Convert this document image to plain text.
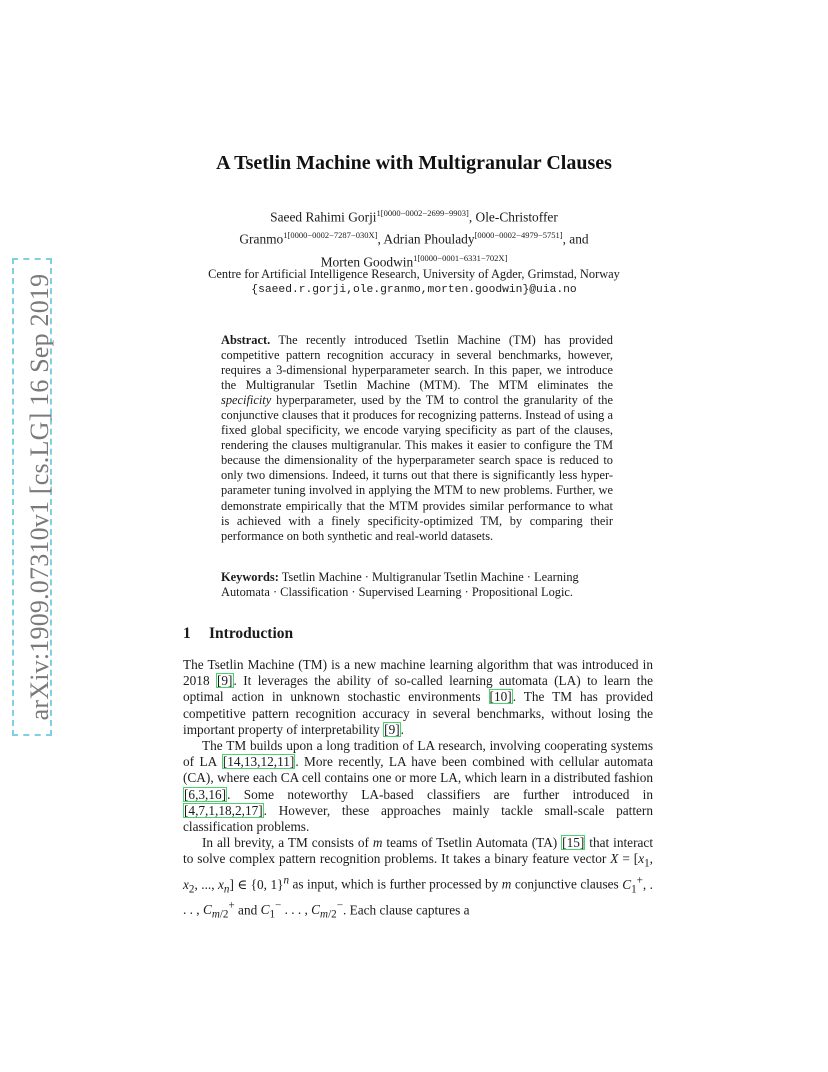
arXiv:1909.07310v1 [cs.LG] 16 Sep 2019
A Tsetlin Machine with Multigranular Clauses
Saeed Rahimi Gorji$^{1[0000-0002-2699-9903]}$, Ole-Christoffer
Granmo$^{1[0000-0002-7287-030X]}$, Adrian Phoulady[0000−0002−4979−5751], and
Morten Goodwin$^{1[0000-0001-6331-702X]}$
Centre for Artificial Intelligence Research, University of Agder, Grimstad, Norway
{saeed.r.gorji,ole.granmo,morten.goodwin}@uia.no
Abstract. The recently introduced Tsetlin Machine (TM) has provided competitive pattern recognition accuracy in several benchmarks, however, requires a 3-dimensional hyperparameter search. In this paper, we introduce the Multigranular Tsetlin Machine (MTM). The MTM eliminates the specificity hyperparameter, used by the TM to control the granularity of the conjunctive clauses that it produces for recognizing patterns. Instead of using a fixed global specificity, we encode varying specificity as part of the clauses, rendering the clauses multigranular. This makes it easier to configure the TM because the dimensionality of the hyperparameter search space is reduced to only two dimensions. Indeed, it turns out that there is significantly less hyper-parameter tuning involved in applying the MTM to new problems. Further, we demonstrate empirically that the MTM provides similar performance to what is achieved with a finely specificity-optimized TM, by comparing their performance on both synthetic and real-world datasets.
Keywords: Tsetlin Machine · Multigranular Tsetlin Machine · Learning Automata · Classification · Supervised Learning · Propositional Logic.
1 Introduction

The Tsetlin Machine (TM) is a new machine learning algorithm that was introduced in 2018 [9]. It leverages the ability of so-called learning automata (LA) to learn the optimal action in unknown stochastic environments [10]. The TM has provided competitive pattern recognition accuracy in several benchmarks, without losing the important property of interpretability [9].

The TM builds upon a long tradition of LA research, involving cooperating systems of LA [14,13,12,11]. More recently, LA have been combined with cellular automata (CA), where each CA cell contains one or more LA, which learn in a distributed fashion [6,3,16]. Some noteworthy LA-based classifiers are further introduced in [4,7,1,18,2,17]. However, these approaches mainly tackle small-scale pattern classification problems.

In all brevity, a TM consists of m teams of Tsetlin Automata (TA) [15] that interact to solve complex pattern recognition problems. It takes a binary feature vector $X = [x_1$, $x_2$, ..., $x_n$] ∈ {0, 1}$^n$ as input, which is further processed by m conjunctive clauses $C_1^+$, . . . , $C_{m/2}^+$ and $C_1^-$ . . . , $C_{m/2}^-$. Each clause captures a
